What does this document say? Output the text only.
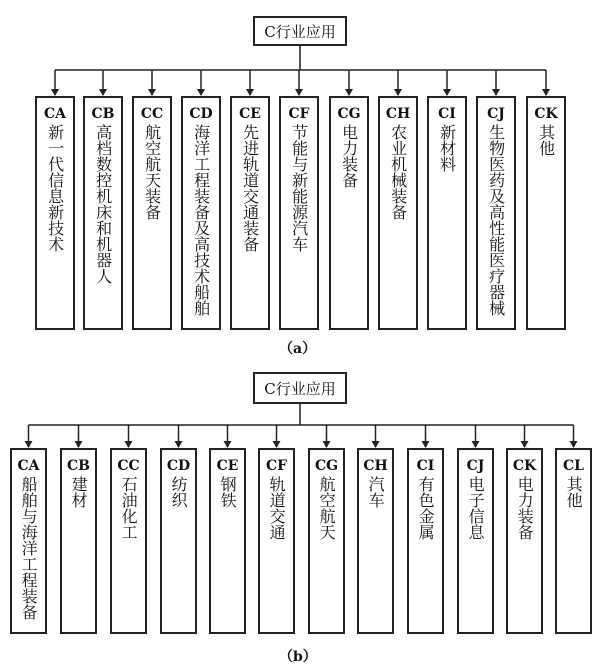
C行业应用
CA
新一代信息新技术
CB
高档数控机床和机器人
CC
航空航天装备
CD
海洋工程装备及高技术船舶
CE
先进轨道交通装备
CF
节能与新能源汽车
CG
电力装备
CH
农业机械装备
CI
新材料
CJ
生物医药及高性能医疗器械
CK
其他
（a）
C行业应用
CA
船舶与海洋工程装备
CB
建材
CC
石油化工
CD
纺织
CE
钢铁
CF
轨道交通
CG
航空航天
CH
汽车
CI
有色金属
CJ
电子信息
CK
电力装备
CL
其他
（b）
